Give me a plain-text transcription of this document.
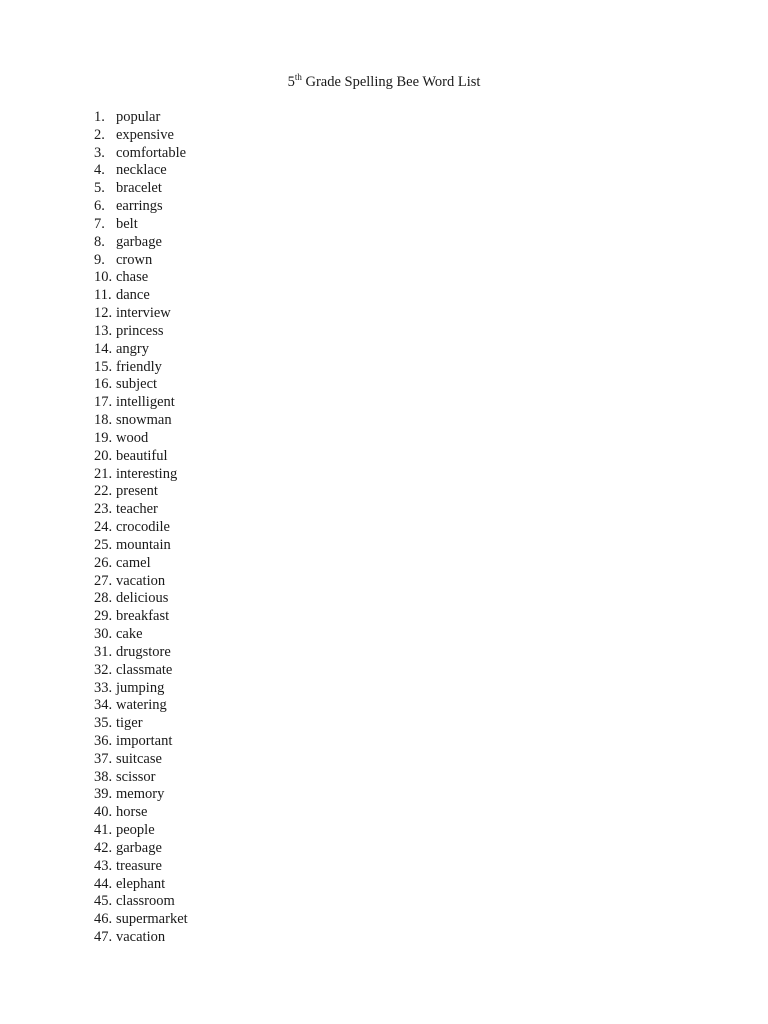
5th Grade Spelling Bee Word List
1. popular
2. expensive
3. comfortable
4. necklace
5. bracelet
6. earrings
7. belt
8. garbage
9. crown
10. chase
11. dance
12. interview
13. princess
14. angry
15. friendly
16. subject
17. intelligent
18. snowman
19. wood
20. beautiful
21. interesting
22. present
23. teacher
24. crocodile
25. mountain
26. camel
27. vacation
28. delicious
29. breakfast
30. cake
31. drugstore
32. classmate
33. jumping
34. watering
35. tiger
36. important
37. suitcase
38. scissor
39. memory
40. horse
41. people
42. garbage
43. treasure
44. elephant
45. classroom
46. supermarket
47. vacation
